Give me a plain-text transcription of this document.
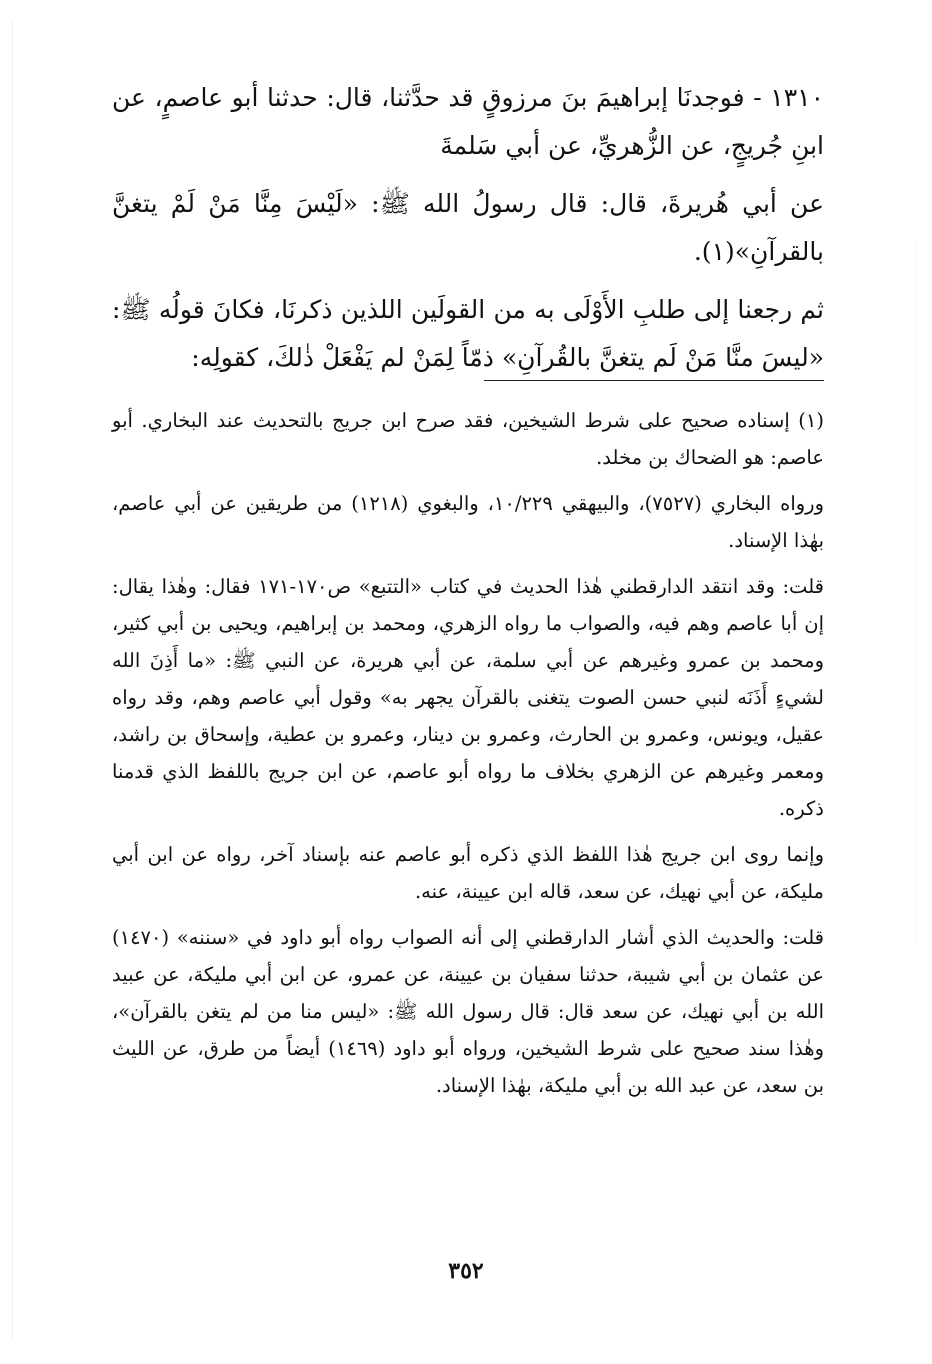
١٣١٠ - فوجدنَا إبراهيمَ بنَ مرزوقٍ قد حدَّثنا، قال: حدثنا أبو عاصمٍ، عن ابنِ جُريجٍ، عن الزُّهريِّ، عن أبي سَلمةَ

عن أبي هُريرةَ، قال: قال رسولُ الله ﷺ: «لَيْسَ مِنَّا مَنْ لَمْ يتغنَّ بالقرآنِ»(١).

ثم رجعنا إلى طلبِ الأَوْلَى به من القولَين اللذين ذكرنَا، فكانَ قولُه ﷺ: «ليسَ منَّا مَنْ لَم يتغنَّ بالقُرآنِ» ذمّاً لِمَنْ لم يَفْعَلْ ذٰلكَ، كقولِه:

(١) إسناده صحيح على شرط الشيخين، فقد صرح ابن جريج بالتحديث عند البخاري. أبو عاصم: هو الضحاك بن مخلد.

ورواه البخاري (٧٥٢٧)، والبيهقي ١٠/٢٢٩، والبغوي (١٢١٨) من طريقين عن أبي عاصم، بهٰذا الإسناد.

قلت: وقد انتقد الدارقطني هٰذا الحديث في كتاب «التتبع» ص١٧٠-١٧١ فقال: وهٰذا يقال: إن أبا عاصم وهم فيه، والصواب ما رواه الزهري، ومحمد بن إبراهيم، ويحيى بن أبي كثير، ومحمد بن عمرو وغيرهم عن أبي سلمة، عن أبي هريرة، عن النبي ﷺ: «ما أَذِنَ الله لشيءٍ أَذَنَه لنبي حسن الصوت يتغنى بالقرآن يجهر به» وقول أبي عاصم وهم، وقد رواه عقيل، ويونس، وعمرو بن الحارث، وعمرو بن دينار، وعمرو بن عطية، وإسحاق بن راشد، ومعمر وغيرهم عن الزهري بخلاف ما رواه أبو عاصم، عن ابن جريج باللفظ الذي قدمنا ذكره.

وإنما روى ابن جريج هٰذا اللفظ الذي ذكره أبو عاصم عنه بإسناد آخر، رواه عن ابن أبي مليكة، عن أبي نهيك، عن سعد، قاله ابن عيينة، عنه.

قلت: والحديث الذي أشار الدارقطني إلى أنه الصواب رواه أبو داود في «سننه» (١٤٧٠) عن عثمان بن أبي شيبة، حدثنا سفيان بن عيينة، عن عمرو، عن ابن أبي مليكة، عن عبيد الله بن أبي نهيك، عن سعد قال: قال رسول الله ﷺ: «ليس منا من لم يتغن بالقرآن»، وهٰذا سند صحيح على شرط الشيخين، ورواه أبو داود (١٤٦٩) أيضاً من طرق، عن الليث بن سعد، عن عبد الله بن أبي مليكة، بهٰذا الإسناد.

٣٥٢
